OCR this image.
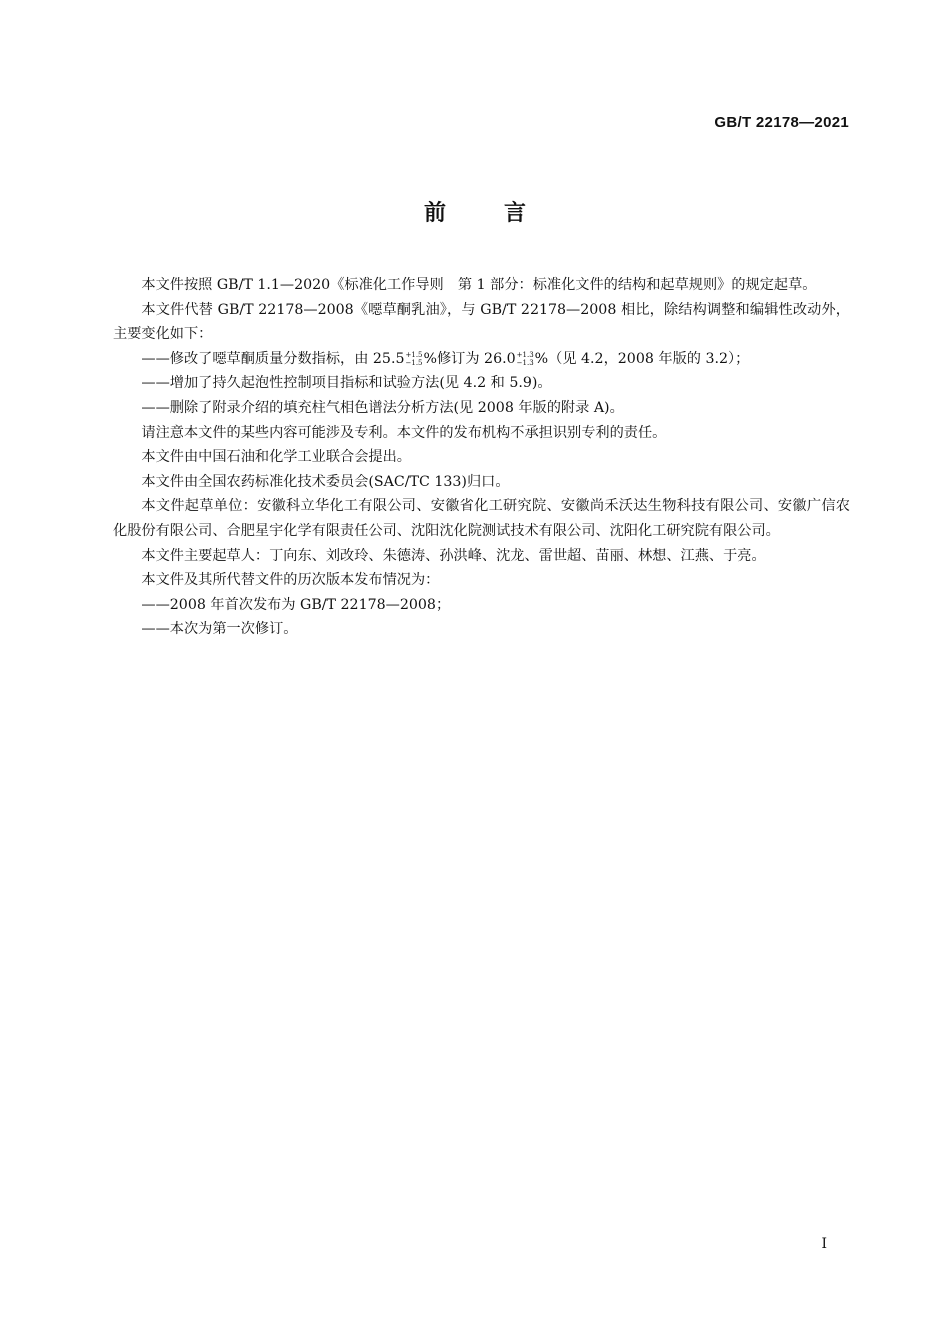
GB/T 22178—2021
前	言

本文件按照 GB/T 1.1—2020《标准化工作导则　第 1 部分：标准化文件的结构和起草规则》的规定起草。

本文件代替 GB/T 22178—2008《噁草酮乳油》，与 GB/T 22178—2008 相比，除结构调整和编辑性改动外，主要变化如下：

——修改了噁草酮质量分数指标，由 25.5 +1.5
−1.5 %修订为 26.0 +1.3
−1.3 %（见 4.2，2008 年版的 3.2）；

——增加了持久起泡性控制项目指标和试验方法(见 4.2 和 5.9)。

——删除了附录介绍的填充柱气相色谱法分析方法(见 2008 年版的附录 A)。

请注意本文件的某些内容可能涉及专利。本文件的发布机构不承担识别专利的责任。

本文件由中国石油和化学工业联合会提出。

本文件由全国农药标准化技术委员会(SAC/TC 133)归口。

本文件起草单位：安徽科立华化工有限公司、安徽省化工研究院、安徽尚禾沃达生物科技有限公司、安徽广信农化股份有限公司、合肥星宇化学有限责任公司、沈阳沈化院测试技术有限公司、沈阳化工研究院有限公司。

本文件主要起草人：丁向东、刘改玲、朱德涛、孙洪峰、沈龙、雷世超、苗丽、林想、江燕、于亮。

本文件及其所代替文件的历次版本发布情况为：

——2008 年首次发布为 GB/T 22178—2008；

——本次为第一次修订。

I
